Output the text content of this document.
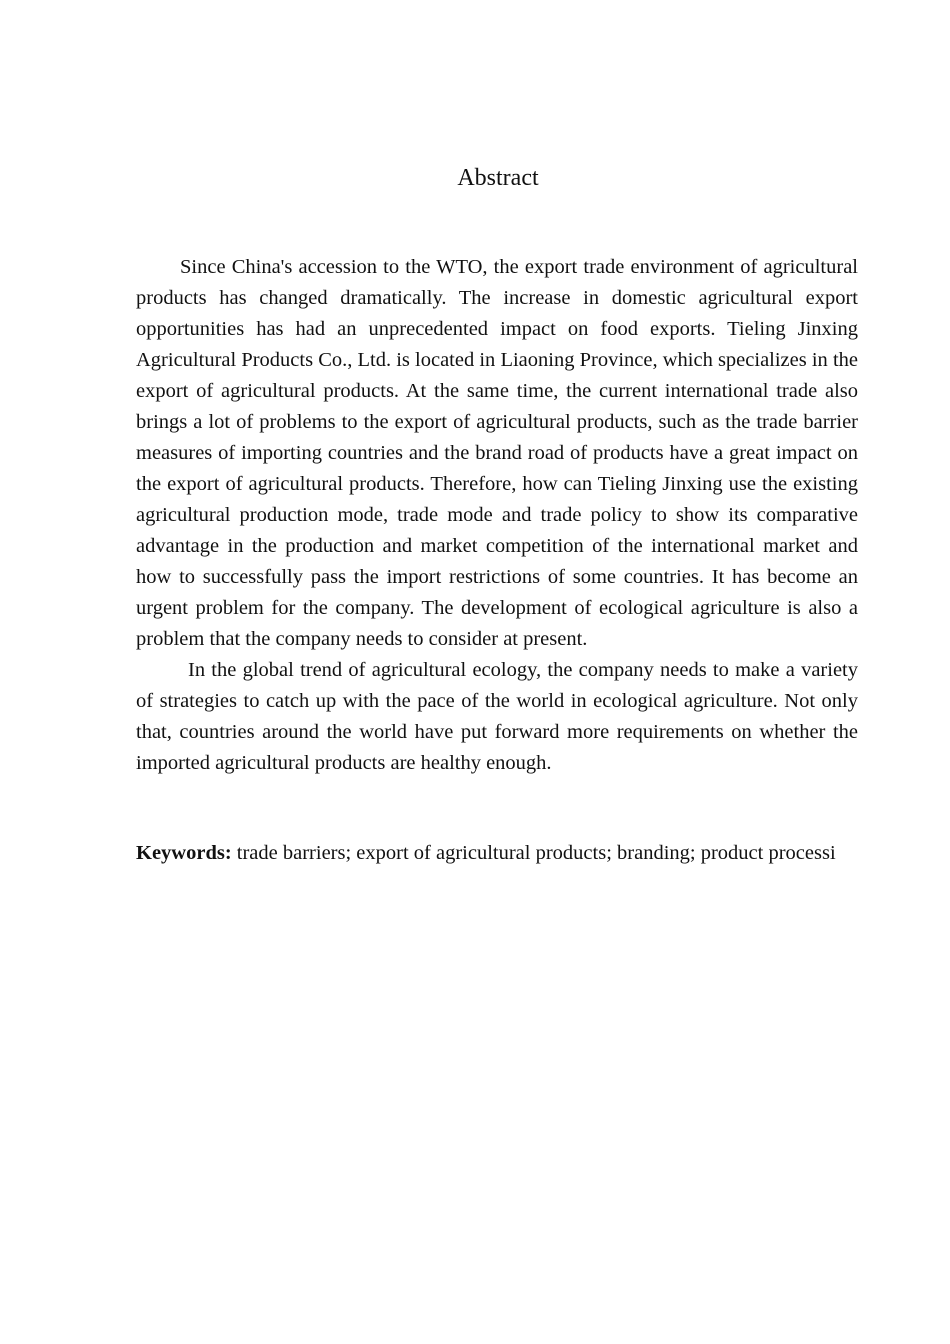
Abstract

Since China's accession to the WTO, the export trade environment of agricultural products has changed dramatically. The increase in domestic agricultural export opportunities has had an unprecedented impact on food exports. Tieling Jinxing Agricultural Products Co., Ltd. is located in Liaoning Province, which specializes in the export of agricultural products. At the same time, the current international trade also brings a lot of problems to the export of agricultural products, such as the trade barrier measures of importing countries and the brand road of products have a great impact on the export of agricultural products. Therefore, how can Tieling Jinxing use the existing agricultural production mode, trade mode and trade policy to show its comparative advantage in the production and market competition of the international market and how to successfully pass the import restrictions of some countries. It has become an urgent problem for the company. The development of ecological agriculture is also a problem that the company needs to consider at present.

In the global trend of agricultural ecology, the company needs to make a variety of strategies to catch up with the pace of the world in ecological agriculture. Not only that, countries around the world have put forward more requirements on whether the imported agricultural products are healthy enough.

Keywords: trade barriers; export of agricultural products; branding; product processi
